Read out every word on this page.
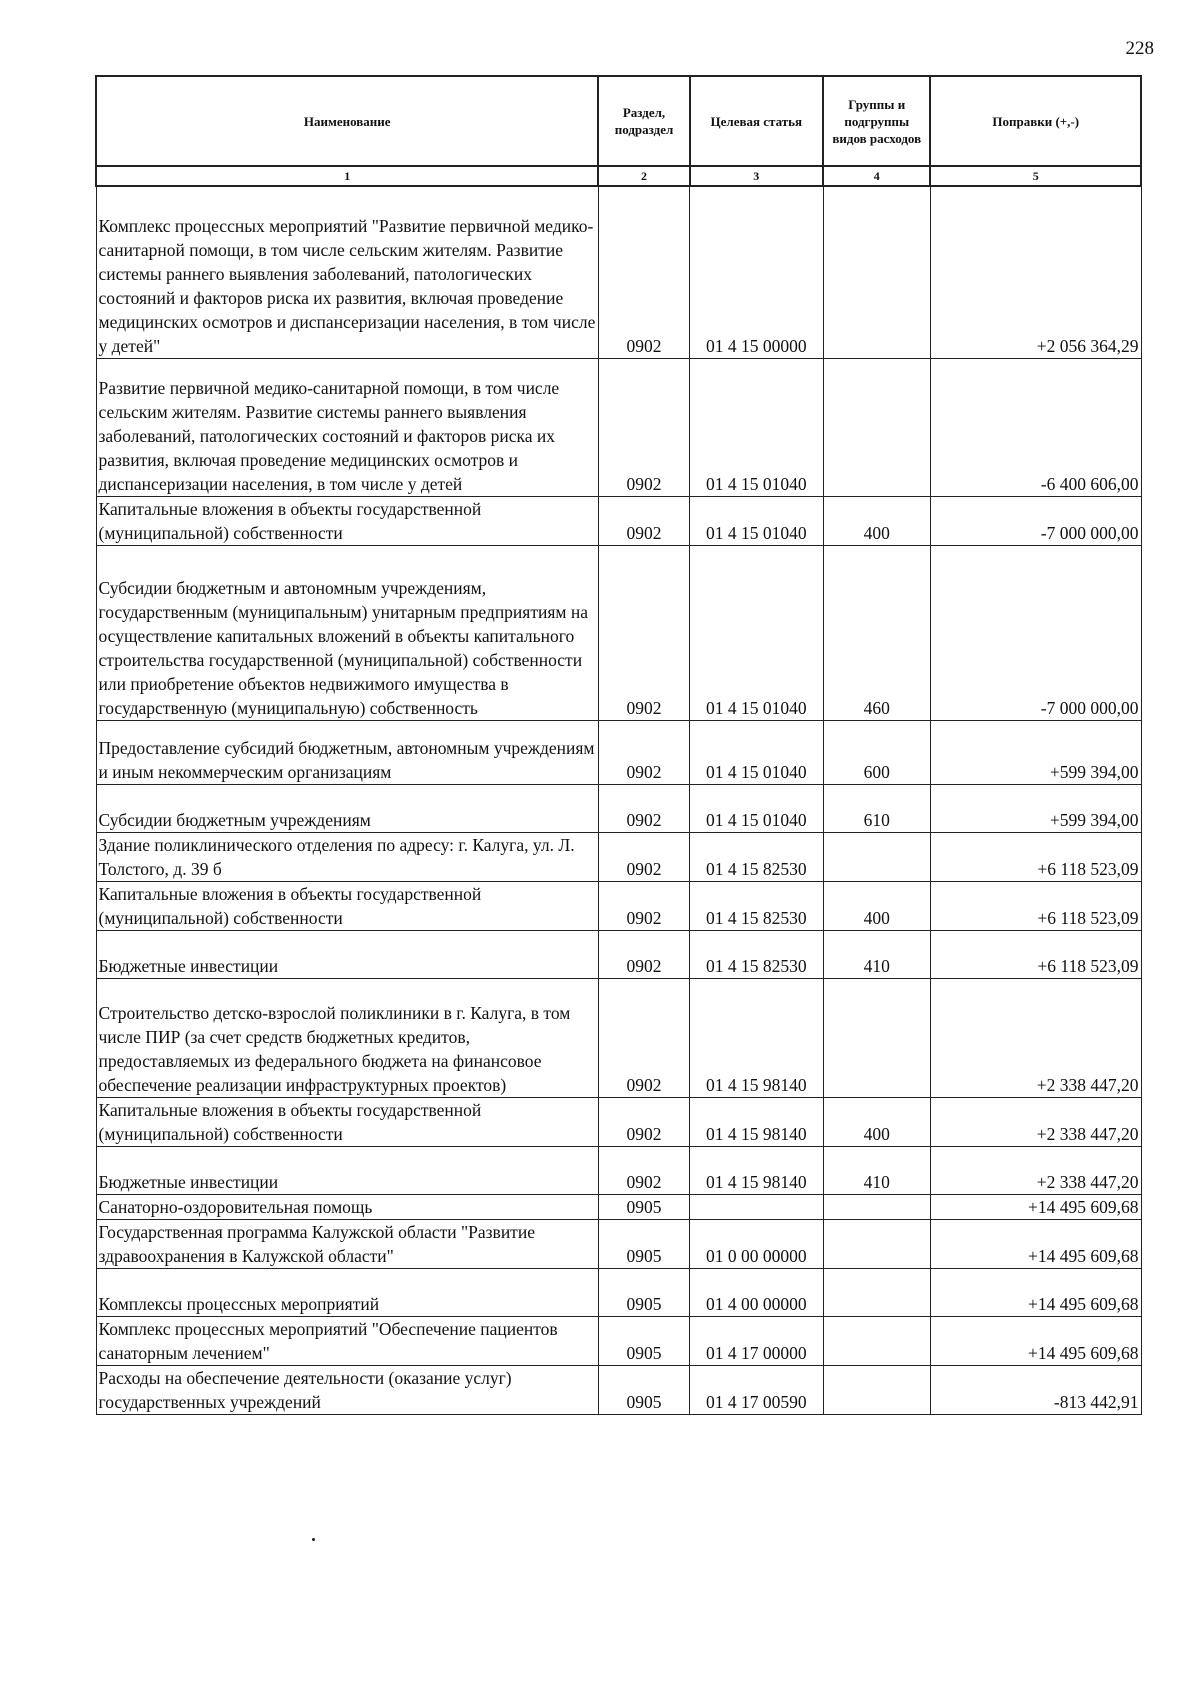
228
Наименование	Раздел, подраздел	Целевая статья	Группы и подгруппы видов расходов	Поправки (+,-)
1	2	3	4	5
Комплекс процессных мероприятий "Развитие первичной медико-санитарной помощи, в том числе сельским жителям. Развитие системы раннего выявления заболеваний, патологических состояний и факторов риска их развития, включая проведение медицинских осмотров и диспансеризации населения, в том числе у детей"	0902	01 4 15 00000		+2 056 364,29
Развитие первичной медико-санитарной помощи, в том числе сельским жителям. Развитие системы раннего выявления заболеваний, патологических состояний и факторов риска их развития, включая проведение медицинских осмотров и диспансеризации населения, в том числе у детей	0902	01 4 15 01040		-6 400 606,00
Капитальные вложения в объекты государственной (муниципальной) собственности	0902	01 4 15 01040	400	-7 000 000,00
Субсидии бюджетным и автономным учреждениям, государственным (муниципальным) унитарным предприятиям на осуществление капитальных вложений в объекты капитального строительства государственной (муниципальной) собственности или приобретение объектов недвижимого имущества в государственную (муниципальную) собственность	0902	01 4 15 01040	460	-7 000 000,00
Предоставление субсидий бюджетным, автономным учреждениям и иным некоммерческим организациям	0902	01 4 15 01040	600	+599 394,00
Субсидии бюджетным учреждениям	0902	01 4 15 01040	610	+599 394,00
Здание поликлинического отделения по адресу: г. Калуга, ул. Л. Толстого, д. 39 б	0902	01 4 15 82530		+6 118 523,09
Капитальные вложения в объекты государственной (муниципальной) собственности	0902	01 4 15 82530	400	+6 118 523,09
Бюджетные инвестиции	0902	01 4 15 82530	410	+6 118 523,09
Строительство детско-взрослой поликлиники в г. Калуга, в том числе ПИР (за счет средств бюджетных кредитов, предоставляемых из федерального бюджета на финансовое обеспечение реализации инфраструктурных проектов)	0902	01 4 15 98140		+2 338 447,20
Капитальные вложения в объекты государственной (муниципальной) собственности	0902	01 4 15 98140	400	+2 338 447,20
Бюджетные инвестиции	0902	01 4 15 98140	410	+2 338 447,20
Санаторно-оздоровительная помощь	0905			+14 495 609,68
Государственная программа Калужской области "Развитие здравоохранения в Калужской области"	0905	01 0 00 00000		+14 495 609,68
Комплексы процессных мероприятий	0905	01 4 00 00000		+14 495 609,68
Комплекс процессных мероприятий "Обеспечение пациентов санаторным лечением"	0905	01 4 17 00000		+14 495 609,68
Расходы на обеспечение деятельности (оказание услуг) государственных учреждений	0905	01 4 17 00590		-813 442,91
